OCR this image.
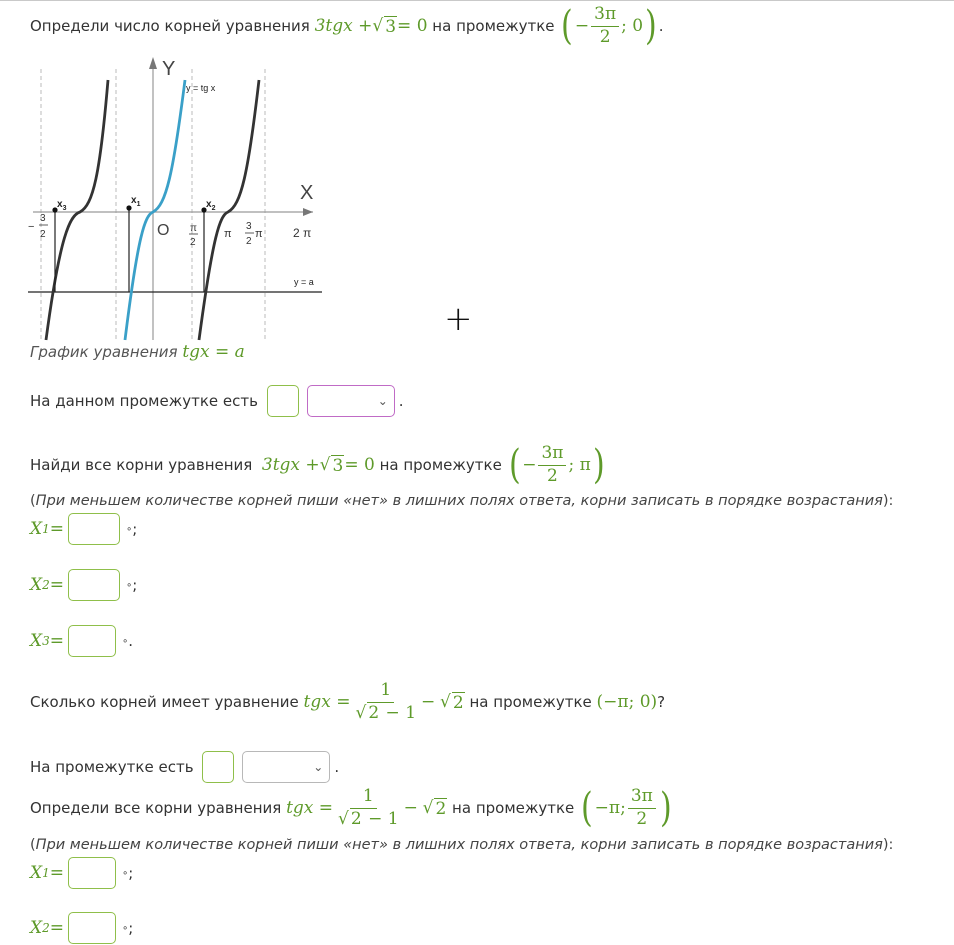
Определи число корней уравнения
3tgx + √ 3 = 0
на промежутке
( − $\frac{3\pi}{2}$ ; 0 ) .
Y
X
y = tg x
y = a
O
$x_1$	$x_2$
$x_3$
−
3
2
π
2
π
3
2
π	2 π
+
График уравнения
tgx = a
На данном промежутке есть
	⌄ .
Найди все корни уравнения
3tgx + √ 3 = 0
на промежутке
( − $\frac{3\pi}{2}$ ; π )
( При меньшем количестве корней пиши «нет» в лишних полях ответа, корни записать в порядке возрастания ):
X 1 =	∘ ;
X 2 =	∘ ;
X 3 =	∘ .
Сколько корней имеет уравнение
tgx = $\frac{1}{√ 2 - 1}$ −
√ 2
на промежутке
(−π; 0) ?
На промежутке есть
	⌄ .
Определи все корни уравнения
tgx = $\frac{1}{√ 2 - 1}$ −
√ 2
на промежутке
( −π; $\frac{3\pi}{2}$ )
( При меньшем количестве корней пиши «нет» в лишних полях ответа, корни записать в порядке возрастания ):
X 1 =	∘ ;
X 2 =	∘ ;
